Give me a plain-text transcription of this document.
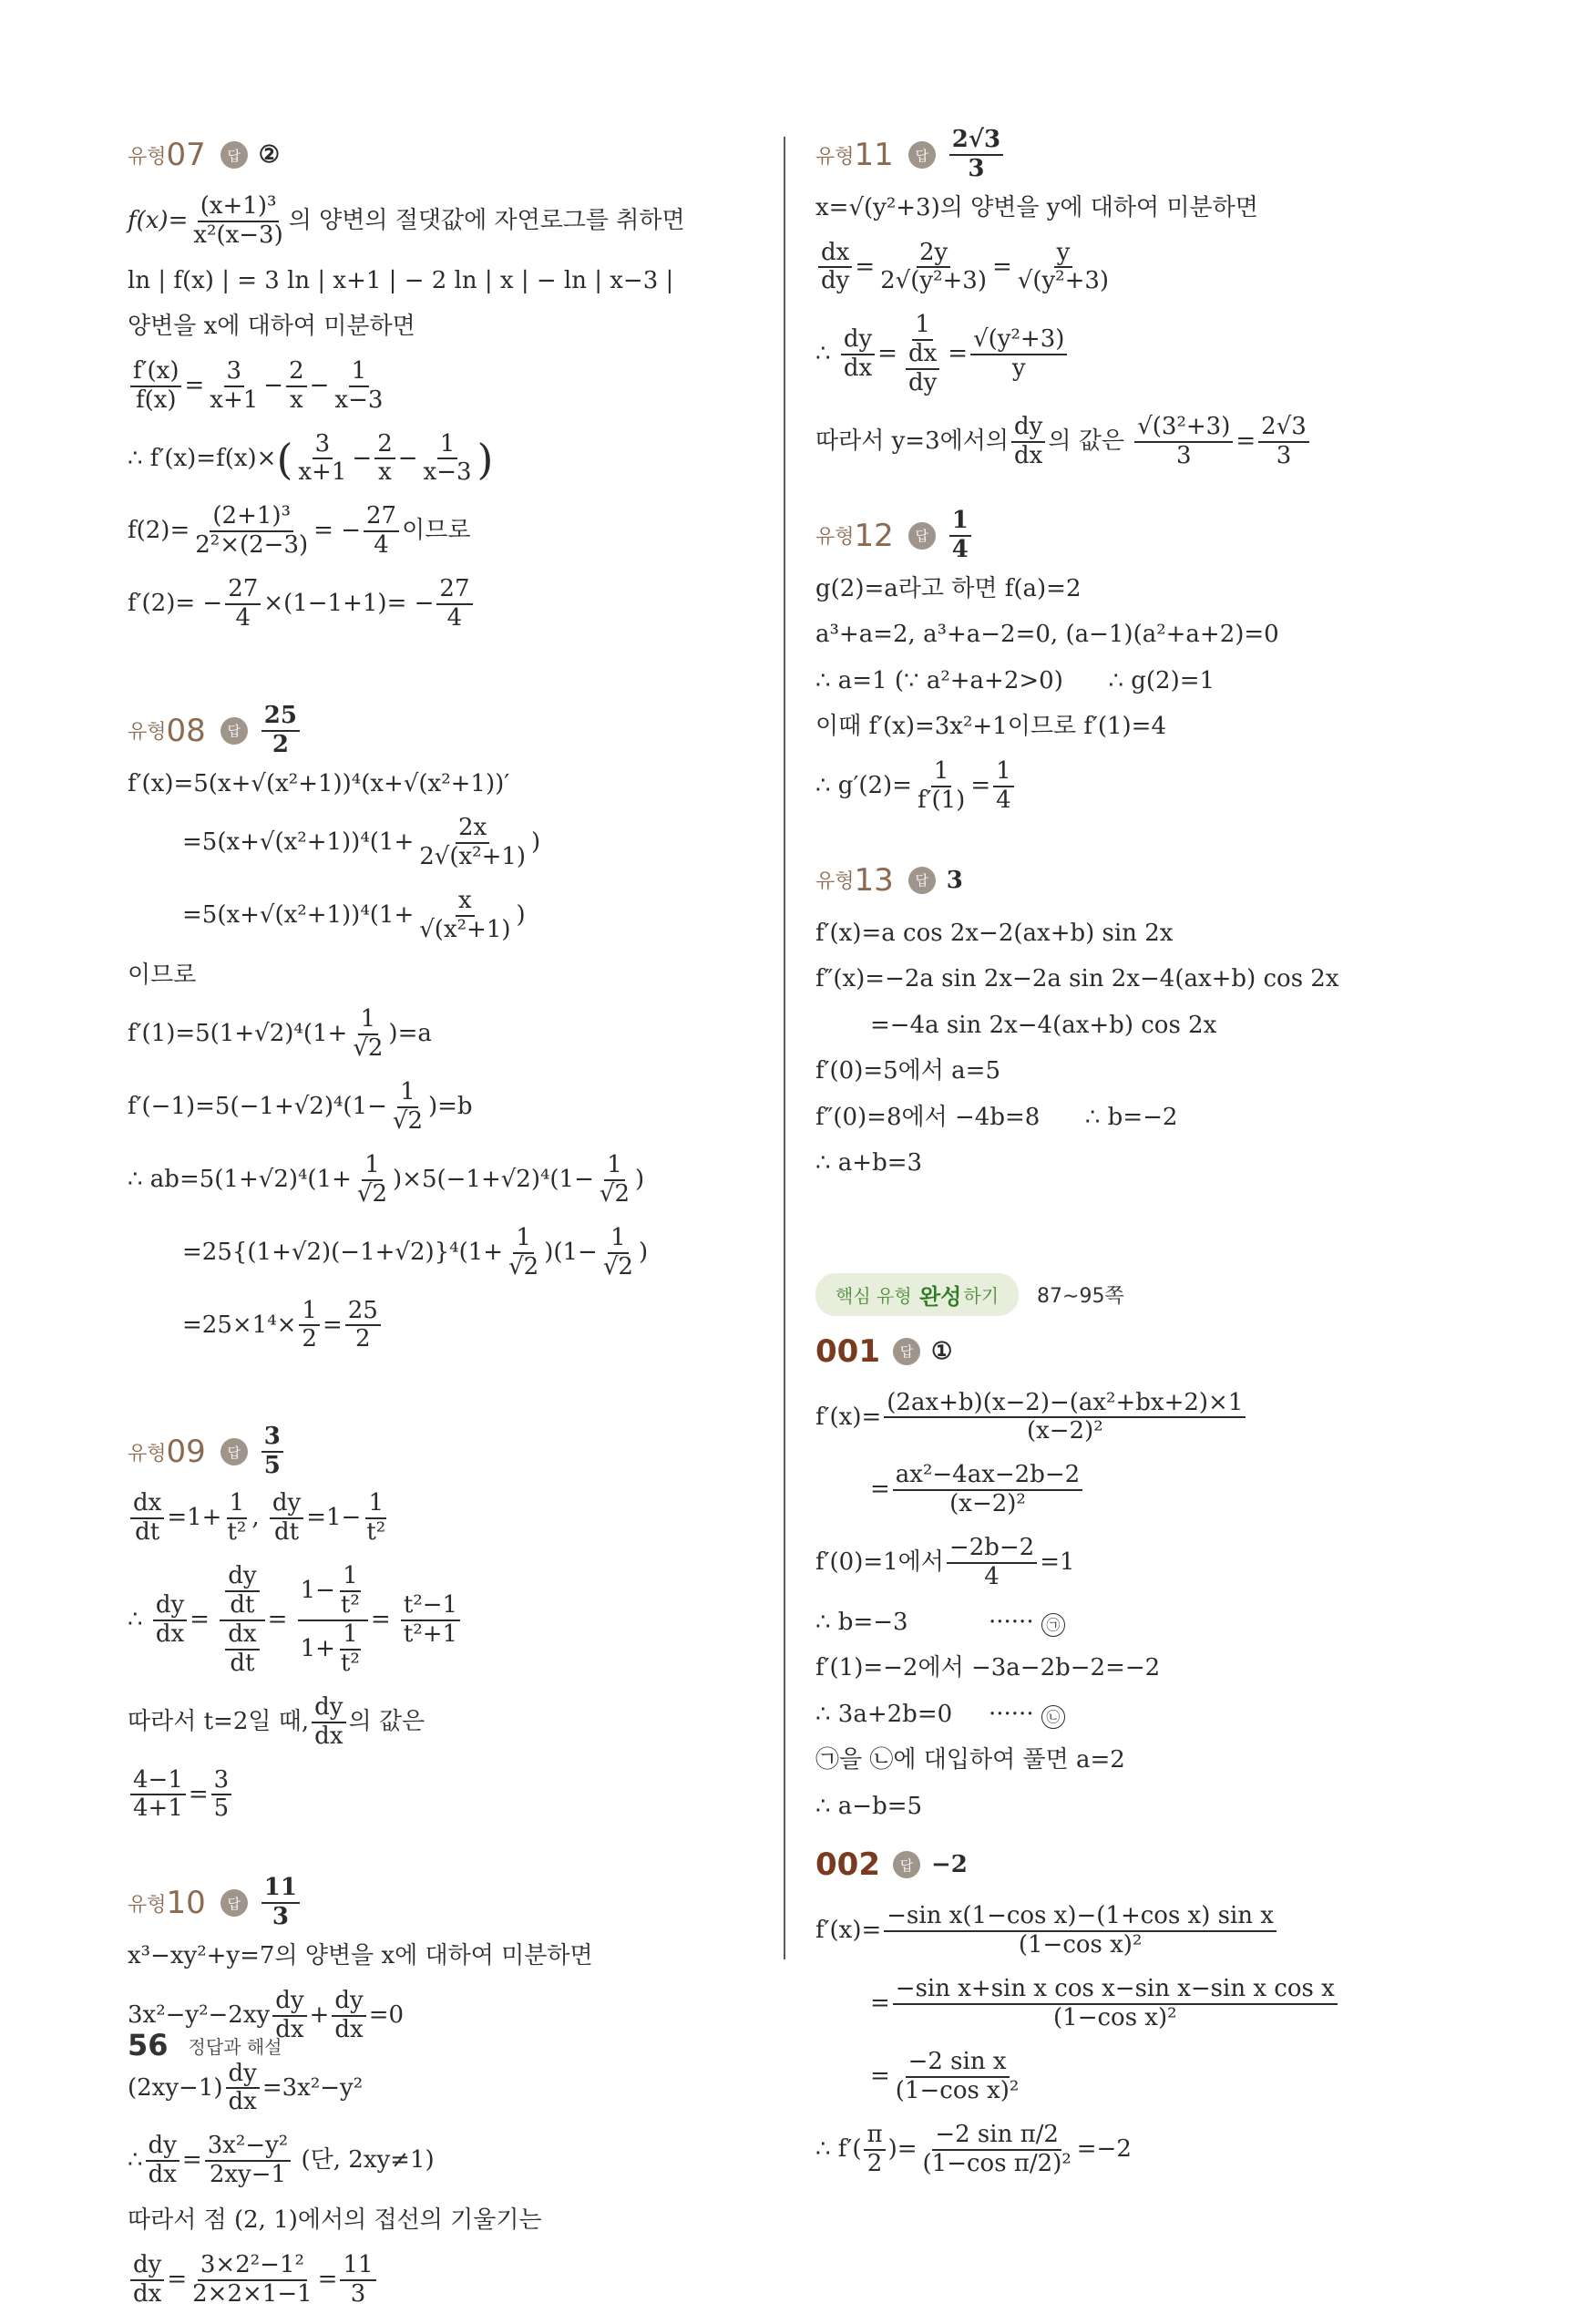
유형 07	답 ②
$f(x)= \frac{\text{(x+1)³}}{\text{x²(x−3)}}$ 의 양변의 절댓값에 자연로그를 취하면
ln | f(x) | = 3 ln | x+1 | − 2 ln | x | − ln | x−3 |
양변을 x에 대하여 미분하면
$\frac{f'(x)}{f(x)} = \frac{3}{x+1} - \frac{2}{x} - \frac{1}{x-3}$
∴ $f'(x)=f(x)\times( \frac{3}{x+1} - \frac{2}{x} - \frac{1}{x-3}$ )
$f(2)= \frac{\text{(2+1)³}}{\text{2²×(2−3)}}$ = − $\frac{27}{4}$ 이므로
$f'(2)= - \frac{27}{4} \times(1-1+1)= - \frac{27}{4}$
유형 08	답 $\frac{25}{2}$
f′(x)=5(x+√(x²+1))⁴(x+√(x²+1))′
$=5(x+√(x^2+1))^4(1+ \frac{2x}{\text{2√(x²+1)}}$ )
$=5(x+√(x^2+1))^4(1+ \frac{x}{\text{√(x²+1)}}$ )
이므로
$f'(1)=5(1+√2)^4(1+ \frac{1}{√2} )=a$
$f'(-1)=5(-1+√2)^4(1- \frac{1}{√2} )=b$
∴ $ab=5(1+√2)^4(1+ \frac{1}{√2} )\times 5(-1+√2)^4(1- \frac{1}{√2}$ )
$=25\{(1+√2)(-1+√2)\}^4(1+ \frac{1}{√2} )(1- \frac{1}{√2}$ )
$=25\times 1^4\times \frac{1}{2} = \frac{25}{2}$
유형 09	답 $\frac{3}{5}$
$\frac{dx}{dt} =1+ \frac{1}{\text{t²}}$ , $\frac{dy}{dt} =1- \frac{1}{\text{t²}}$
∴ $\frac{dy}{dx} = \frac{\frac{dy}{dt}}{\frac{dx}{dt}} = \frac{1- \frac{1}{\text{t²}}}{1+ \frac{1}{\text{t²}}} = \frac{\text{t²−1}}{\text{t²+1}}$
따라서 t=2일 때, $\frac{dy}{dx}$ 의 값은
$\frac{4-1}{4+1} = \frac{3}{5}$
유형 10	답 $\frac{11}{3}$
x³−xy²+y=7의 양변을 x에 대하여 미분하면
$3x^2-y^2-2xy \frac{dy}{dx} + \frac{dy}{dx} =0$
$(2xy-1) \frac{dy}{dx} =3x^2-y^2$
∴ $\frac{dy}{dx} = \frac{\text{3x²−y²}}{2xy-1}$ (단, 2xy≠1)
따라서 점 (2, 1)에서의 접선의 기울기는
$\frac{dy}{dx} = \frac{\text{3×2²−1²}}{2\times 2\times 1-1} = \frac{11}{3}$
유형 11	답 $\frac{2√3}{3}$
x=√(y²+3)의 양변을 y에 대하여 미분하면
$\frac{dx}{dy} = \frac{2y}{\text{2√(y²+3)}} = \frac{y}{\text{√(y²+3)}}$
∴ $\frac{dy}{dx} = \frac{1}{\frac{dx}{dy}} = \frac{\text{√(y²+3)}}{y}$
따라서 y=3에서의 $\frac{dy}{dx}$ 의 값은 $\frac{\text{√(3²+3)}}{3} = \frac{2√3}{3}$
유형 12	답 $\frac{1}{4}$
g(2)=a라고 하면 f(a)=2
a³+a=2, a³+a−2=0, (a−1)(a²+a+2)=0
∴ a=1 (∵ a²+a+2>0)      ∴ g(2)=1
이때 f′(x)=3x²+1이므로 f′(1)=4
∴ $g'(2)= \frac{1}{f'(1)} = \frac{1}{4}$
유형 13	답 3
f′(x)=a cos 2x−2(ax+b) sin 2x
f″(x)=−2a sin 2x−2a sin 2x−4(ax+b) cos 2x
=−4a sin 2x−4(ax+b) cos 2x
f′(0)=5에서 a=5
f″(0)=8에서 −4b=8      ∴ b=−2
∴ a+b=3
핵심 유형
완성 하기 87∼95쪽
001	답 ①
$f'(x)= \frac{\text{(2ax+b)(x−2)−(ax²+bx+2)×1}}{\text{(x−2)²}}$
= $\frac{\text{ax²−4ax−2b−2}}{\text{(x−2)²}}$
f′(0)=1에서 $\frac{-2b-2}{4} =1$
∴ b=−3	······ ㉠
f′(1)=−2에서 −3a−2b−2=−2
∴ 3a+2b=0 ······ ㉡
㉠을 ㉡에 대입하여 풀면 a=2
∴ a−b=5
002	답 −2
$f'(x)= \frac{\text{−sin x(1−cos x)−(1+cos x) sin x}}{\text{(1−cos x)²}}$
= $\frac{\text{−sin x+sin x cos x−sin x−sin x cos x}}{\text{(1−cos x)²}}$
= $\frac{\text{−2 sin x}}{\text{(1−cos x)²}}$
∴ $f'( \frac{\pi}{2}$ )= $\frac{\text{−2 sin π/2}}{\text{(1−cos π/2)²}} =-2$
56 정답과 해설
